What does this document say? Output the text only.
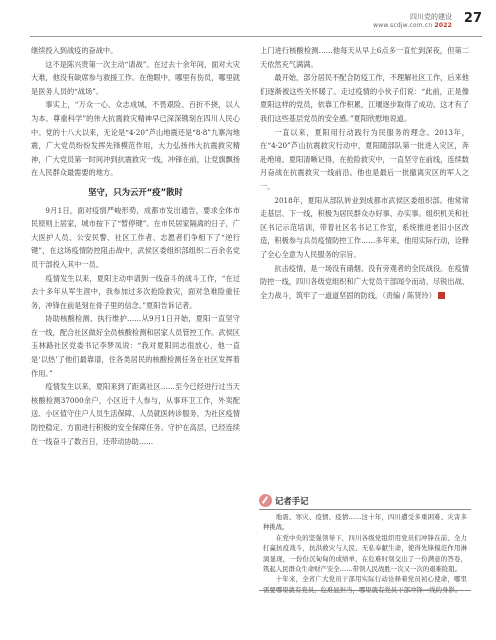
四川党的建设
www.scdjw.com.cn 2022 27

继续投入到战疫的奋战中。

这不是陈兴贵第一次主动“请战”。在过去十余年间，面对大灾大难，他没有缺席参与救援工作。在他眼中，哪里有伤员，哪里就是医务人员的“战场”。

事实上，“万众一心、众志成城，不畏艰险、百折不挠，以人为本、尊重科学”的伟大抗震救灾精神早已深深镌刻在四川人民心中。党的十八大以来，无论是“4·20”芦山地震还是“8·8”九寨沟地震，广大党员纷纷发挥先锋模范作用，大力弘扬伟大抗震救灾精神，广大党员第一时间冲到抗震救灾一线，冲锋在前，让党旗飘扬在人民群众最需要的地方。

坚守，只为云开“疫”散时

9月1日，面对疫情严峻形势，成都市发出通告，要求全体市民原则上居家，城市按下了“暂停键”。在市民居家隔离的日子，广大医护人员、公安民警、社区工作者、志愿者们争相下了“逆行键”，在这场疫情防控阻击战中，武侯区委组织部组织二百余名党员干部投入其中一员。

疫情发生以来，夏阳主动申请到一线奋斗的战斗工作，“在过去十多年从军生涯中，我参加过多次抢险救灾，面对急难险重任务，冲锋在前是刻在骨子里的信念。”夏阳告诉记者。

协助核酸检测、执行维护……从9月1日开始，夏阳一直坚守在一线，配合社区做好全员核酸检测和居家人员管控工作。武侯区玉林路社区党委书记李梦凤说：“我对夏阳同志很放心，他一直是‘以热’了他们最靠谱，住各类居民的核酸检测任务在社区发挥着作用。”

疫情发生以来，夏阳来到了距离社区……至今已经进行过当天核酸检测37000余户，小区近千人参与，从事环卫工作，外卖配送、小区值守住户人员生活保障、人员就医转诊服务，为社区疫情防控稳定、方面进行积极的安全保障任务。守护在高层，已经连续在一线奋斗了数百日，还带动协助……

上门进行核酸检测……他每天从早上6点多一直忙到深夜，但第二天依然充气满满。

最开始，部分居民不配合防疫工作，不理解社区工作，后来他们逐渐被这些关怀暖了。走过疫情的小伙子们说：“此前，正是像夏阳这样的党员，依靠工作积累，江堰逐步取得了成功，这才有了我们这些基层党员的安全感。”夏阳欣慰地说道。

一直以来，夏阳用行动践行为民服务的理念。2013年，在“4·20”芦山抗震救灾行动中，夏阳随部队第一批进入灾区，奔赴绝境。夏阳清晰记得，在抢险救灾中，一直坚守在前线，连续数月奋战在抗震救灾一线前沿。他也是最后一批撤离灾区的军人之一。

2018年，夏阳从部队转业到成都市武侯区委组织部。他常常走基层、下一线，积极为居民群众办好事、办实事。组织机关和社区书记示范培训，带着社区名书记工作室，系统推进老旧小区改造，积极参与兵员疫情防控工作……多年来，他用实际行动，诠释了全心全意为人民服务的宗旨。

抗击疫情，是一场没有硝烟、没有旁观者的全民战役。在疫情防控一线，四川各级党组织和广大党员干部闻令而动、尽锐出战、全力战斗，筑牢了一道道坚固的防线。（责编 / 陈贤玲）

记者手记

地震、寒灾、疫情、疫情……这十年，四川遭受多重困难、灾害多种挑战。

在党中央的坚强领导下，四川各级党组织用党员们冲锋在前、全力打赢抗疫战斗，抗洪救灾与人民、无私奉献生命，使得先锋模范作用淋漓显现，一份份沉甸甸的成绩单，在危难时刻交出了一份满意的答卷，筑起人民群众生命财产安全……带领人民战胜一次又一次的艰难险阻。

十年来，全省广大党员干部用实际行动诠释着党员初心使命，哪里
